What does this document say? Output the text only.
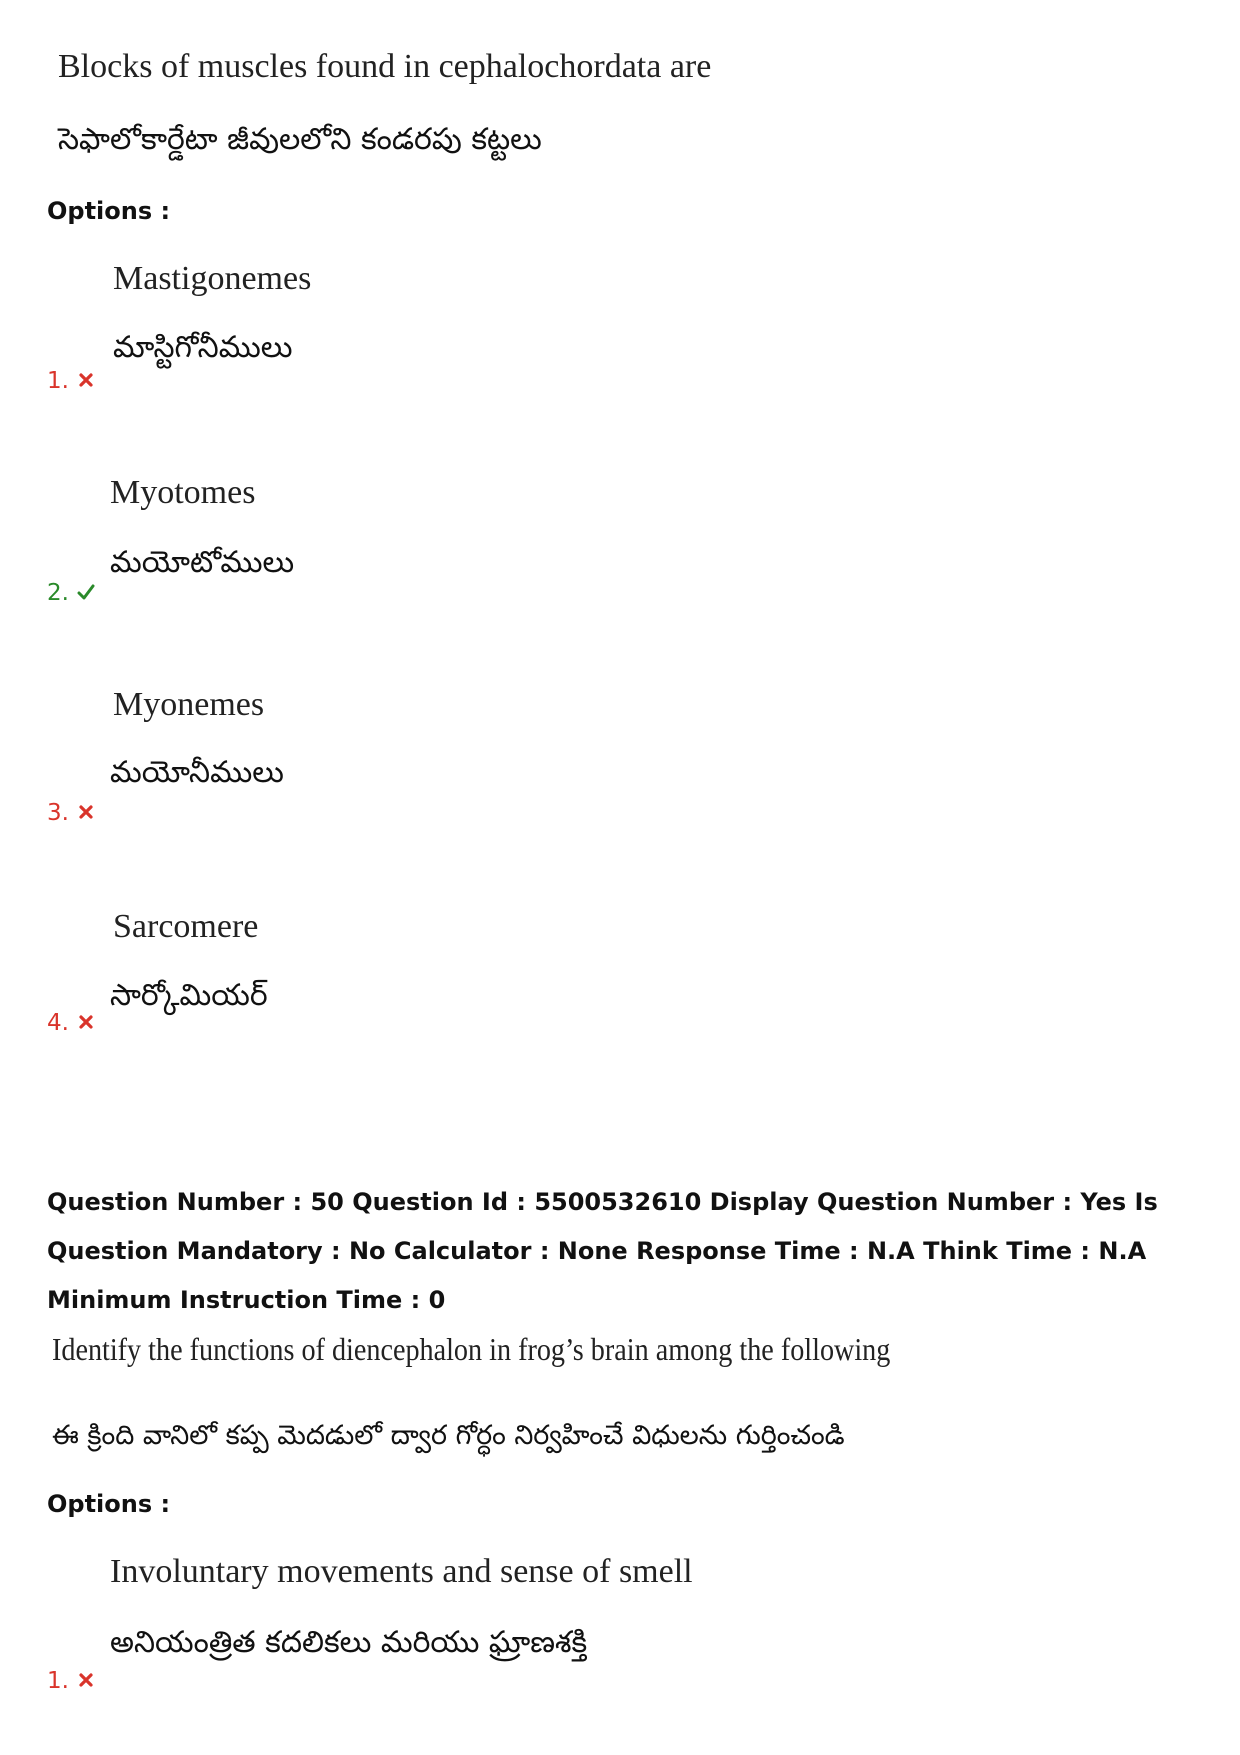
Blocks of muscles found in cephalochordata are
సెఫాలోకార్డేటా జీవులలోని కండరపు కట్టలు
Options :
Mastigonemes
మాస్టిగోనీములు
1.
Myotomes
మయోటోములు
2.
Myonemes
మయోనీములు
3.
Sarcomere
సార్కోమియర్
4.
Question Number : 50 Question Id : 5500532610 Display Question Number : Yes Is Question Mandatory : No Calculator : None Response Time : N.A Think Time : N.A Minimum Instruction Time : 0
Identify the functions of diencephalon in frog’s brain among the following
ఈ క్రింది వానిలో కప్ప మెదడులో ద్వార గోర్ధం నిర్వహించే విధులను గుర్తించండి
Options :
Involuntary movements and sense of smell
అనియంత్రిత కదలికలు మరియు ఘ్రాణశక్తి
1.
